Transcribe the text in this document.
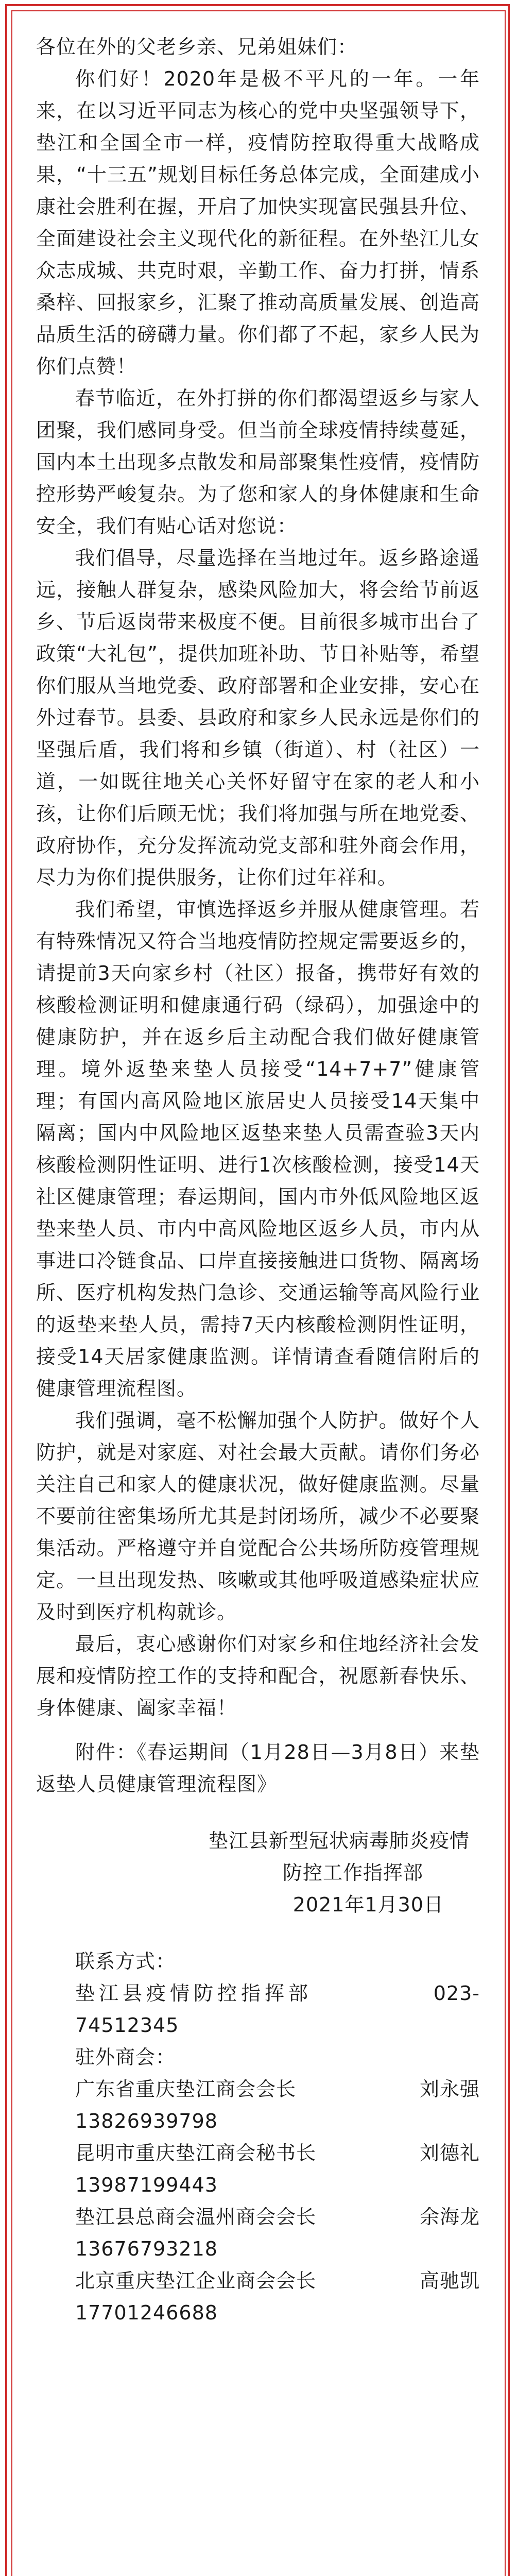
各位在外的父老乡亲、兄弟姐妹们：

你们好！2020年是极不平凡的一年。一年来，在以习近平同志为核心的党中央坚强领导下，垫江和全国全市一样，疫情防控取得重大战略成果，“十三五”规划目标任务总体完成，全面建成小康社会胜利在握，开启了加快实现富民强县升位、全面建设社会主义现代化的新征程。在外垫江儿女众志成城、共克时艰，辛勤工作、奋力打拼，情系桑梓、回报家乡，汇聚了推动高质量发展、创造高品质生活的磅礴力量。你们都了不起，家乡人民为你们点赞！

春节临近，在外打拼的你们都渴望返乡与家人团聚，我们感同身受。但当前全球疫情持续蔓延，国内本土出现多点散发和局部聚集性疫情，疫情防控形势严峻复杂。为了您和家人的身体健康和生命安全，我们有贴心话对您说：

我们倡导，尽量选择在当地过年。返乡路途遥远，接触人群复杂，感染风险加大，将会给节前返乡、节后返岗带来极度不便。目前很多城市出台了政策“大礼包”，提供加班补助、节日补贴等，希望你们服从当地党委、政府部署和企业安排，安心在外过春节。县委、县政府和家乡人民永远是你们的坚强后盾，我们将和乡镇（街道）、村（社区）一道，一如既往地关心关怀好留守在家的老人和小孩，让你们后顾无忧；我们将加强与所在地党委、政府协作，充分发挥流动党支部和驻外商会作用，尽力为你们提供服务，让你们过年祥和。

我们希望，审慎选择返乡并服从健康管理。若有特殊情况又符合当地疫情防控规定需要返乡的，请提前3天向家乡村（社区）报备，携带好有效的核酸检测证明和健康通行码（绿码），加强途中的健康防护，并在返乡后主动配合我们做好健康管理。境外返垫来垫人员接受“14+7+7”健康管理；有国内高风险地区旅居史人员接受14天集中隔离；国内中风险地区返垫来垫人员需查验3天内核酸检测阴性证明、进行1次核酸检测，接受14天社区健康管理；春运期间，国内市外低风险地区返垫来垫人员、市内中高风险地区返乡人员，市内从事进口冷链食品、口岸直接接触进口货物、隔离场所、医疗机构发热门急诊、交通运输等高风险行业的返垫来垫人员，需持7天内核酸检测阴性证明，接受14天居家健康监测。详情请查看随信附后的健康管理流程图。

我们强调，毫不松懈加强个人防护。做好个人防护，就是对家庭、对社会最大贡献。请你们务必关注自己和家人的健康状况，做好健康监测。尽量不要前往密集场所尤其是封闭场所，减少不必要聚集活动。严格遵守并自觉配合公共场所防疫管理规定。一旦出现发热、咳嗽或其他呼吸道感染症状应及时到医疗机构就诊。

最后，衷心感谢你们对家乡和住地经济社会发展和疫情防控工作的支持和配合，祝愿新春快乐、身体健康、阖家幸福！

附件：《春运期间（1月28日—3月8日）来垫返垫人员健康管理流程图》

垫江县新型冠状病毒肺炎疫情

防控工作指挥部

2021年1月30日

联系方式：

垫江县疫情防控指挥部	023-

74512345

驻外商会：

广东省重庆垫江商会会长	刘永强

13826939798

昆明市重庆垫江商会秘书长	刘德礼

13987199443

垫江县总商会温州商会会长	余海龙

13676793218

北京重庆垫江企业商会会长	高驰凯

17701246688
